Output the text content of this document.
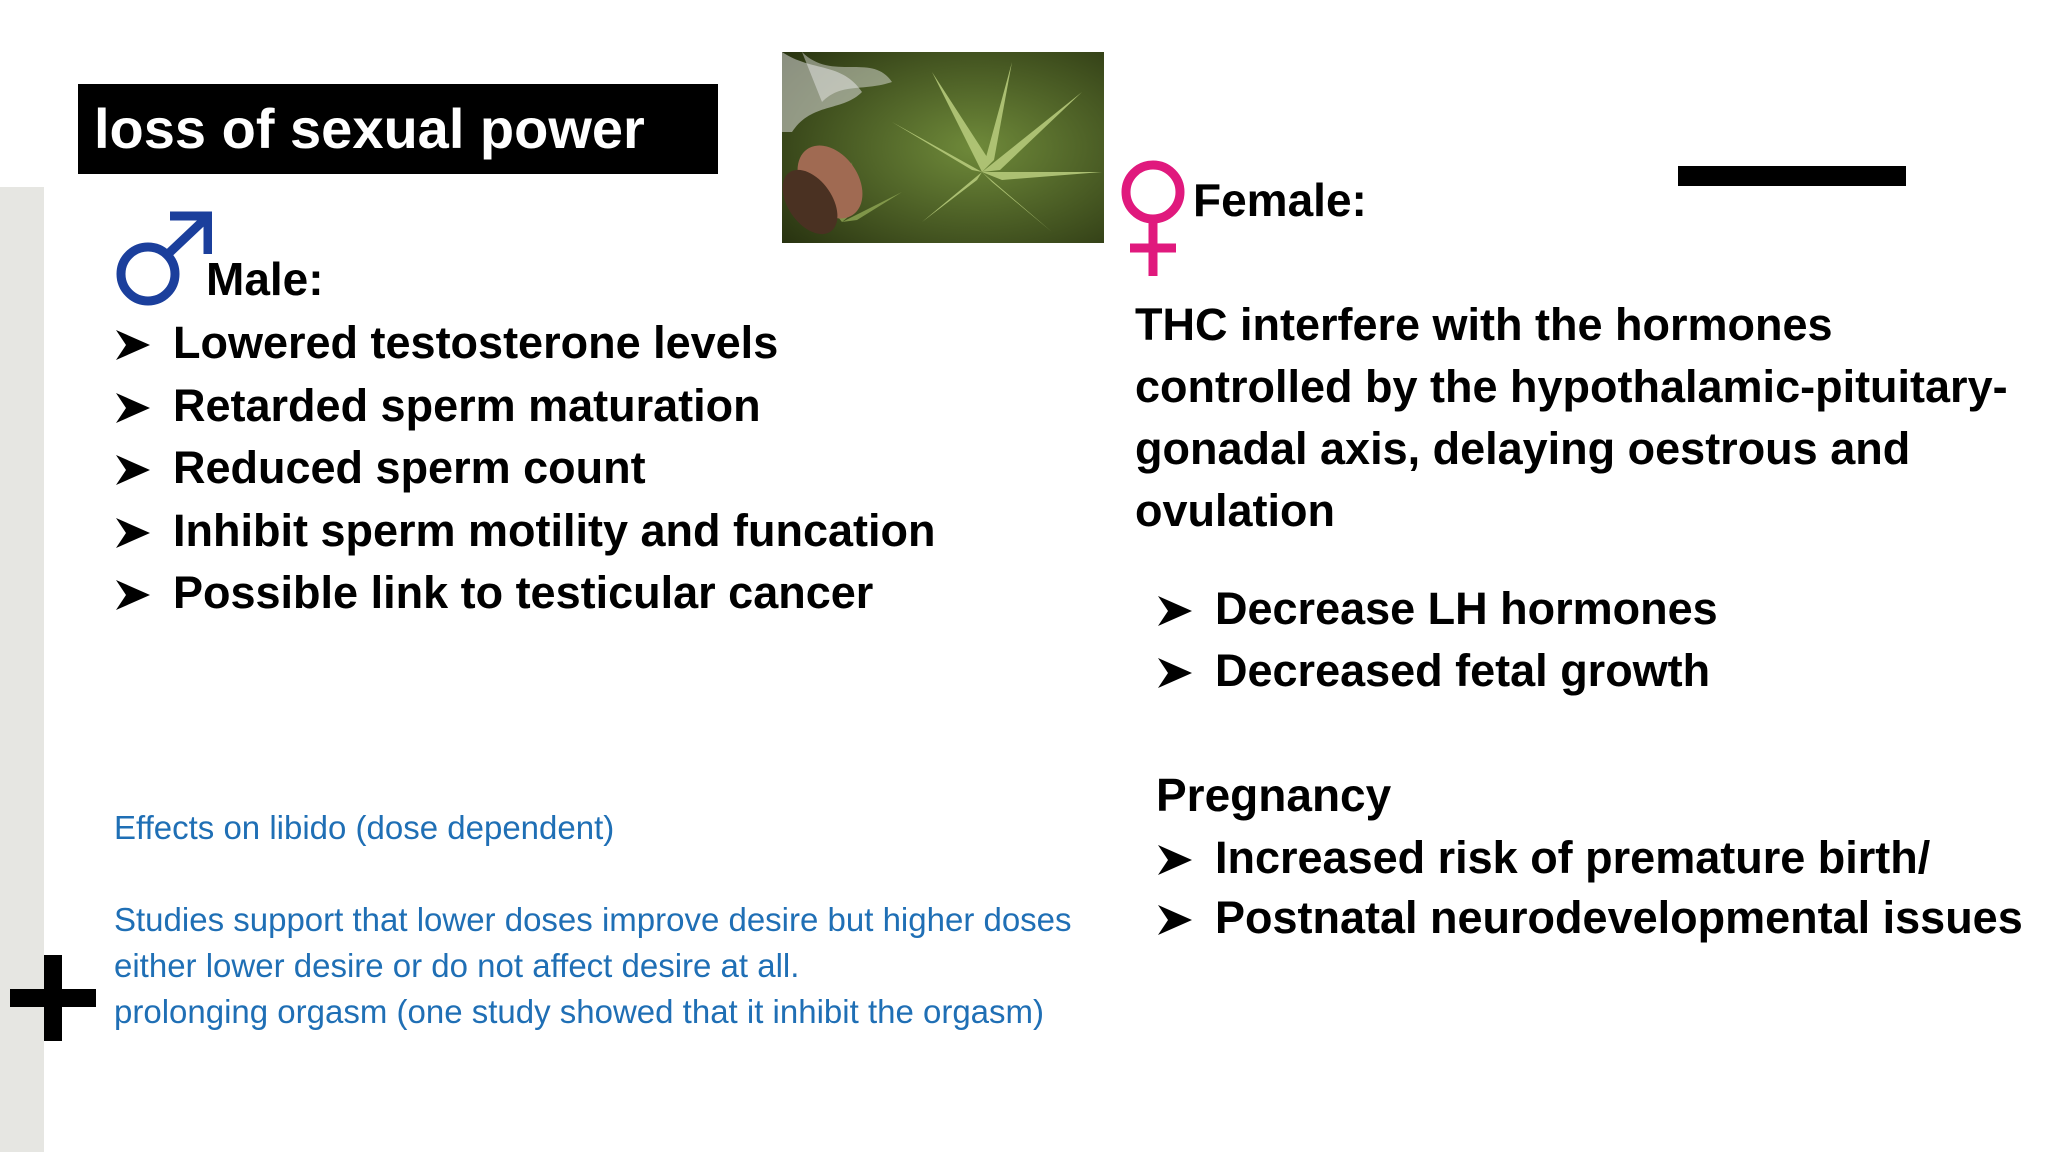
loss of sexual power
Male:
Lowered testosterone levels
Retarded sperm maturation
Reduced sperm count
Inhibit sperm motility and funcation
Possible link to testicular cancer
Effects on libido (dose dependent)
Studies support that lower doses improve desire but higher doses either lower desire or do not affect desire at all.
prolonging orgasm (one study showed that it inhibit the orgasm)
Female:
THC interfere with the hormones controlled by the hypothalamic-pituitary-gonadal axis, delaying oestrous and ovulation
Decrease LH hormones
Decreased fetal growth
Pregnancy
Increased risk of premature birth/
Postnatal neurodevelopmental issues
